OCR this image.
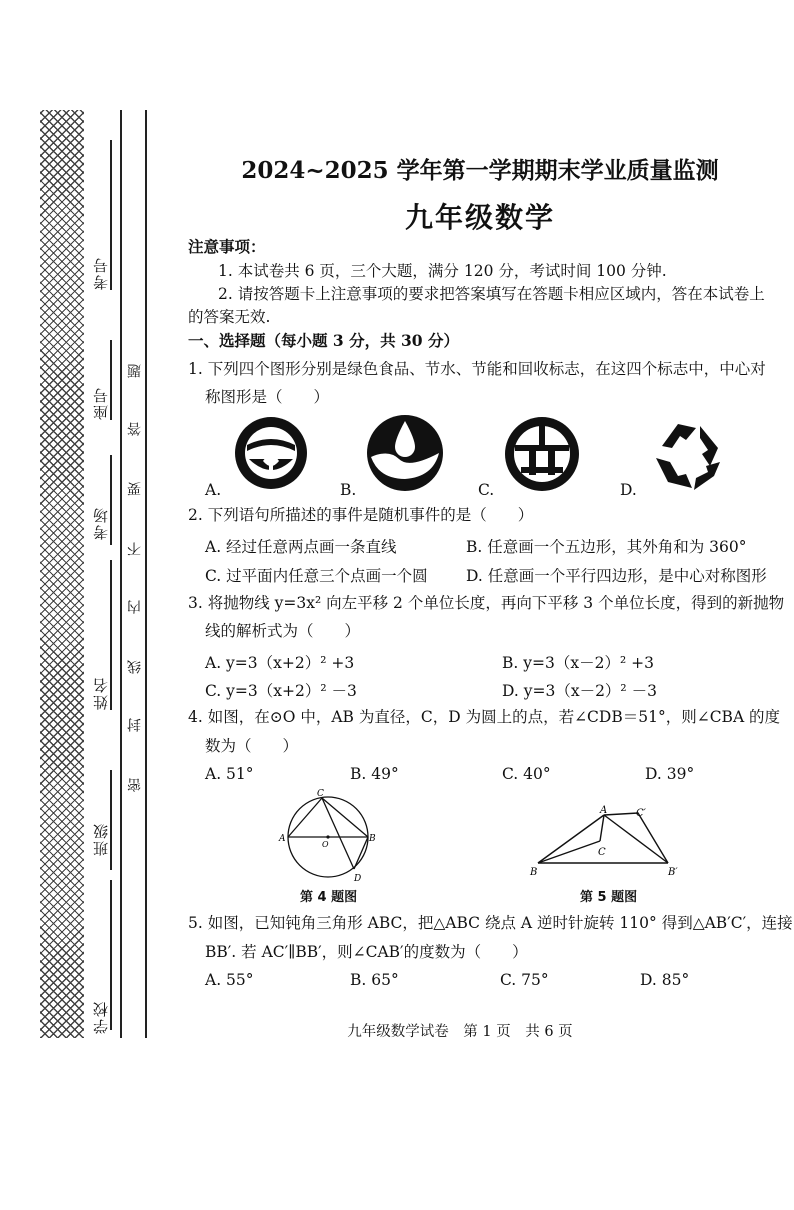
考号
座号
考场
姓名
班级
学校
题
答
要
不
内
线
封
密
2024~2025 学年第一学期期末学业质量监测
九年级数学
注意事项：
1. 本试卷共 6 页，三个大题，满分 120 分，考试时间 100 分钟.
2. 请按答题卡上注意事项的要求把答案填写在答题卡相应区域内，答在本试卷上
的答案无效.
一、选择题（每小题 3 分，共 30 分）
1. 下列四个图形分别是绿色食品、节水、节能和回收标志，在这四个标志中，中心对
称图形是（　　）
A.	B.	C.	D.
2. 下列语句所描述的事件是随机事件的是（　　）
A. 经过任意两点画一条直线	B. 任意画一个五边形，其外角和为 360°
C. 过平面内任意三个点画一个圆 D. 任意画一个平行四边形，是中心对称图形
3. 将抛物线 y=3x² 向左平移 2 个单位长度，再向下平移 3 个单位长度，得到的新抛物
线的解析式为（　　）
A. y=3（x+2）² +3	B. y=3（x－2）² +3
C. y=3（x+2）² －3	D. y=3（x－2）² －3
4. 如图，在⊙O 中，AB 为直径，C，D 为圆上的点，若∠CDB＝51°，则∠CBA 的度
数为（　　）
A. 51°	B. 49°	C. 40°	D. 39°
C
A	B
O
D
第 4 题图
A	C′
C
B	B′
第 5 题图
5. 如图，已知钝角三角形 ABC，把△ABC 绕点 A 逆时针旋转 110° 得到△AB′C′，连接
BB′. 若 AC′∥BB′，则∠CAB′的度数为（　　）
A. 55°	B. 65°	C. 75°	D. 85°
九年级数学试卷　第 1 页　共 6 页
